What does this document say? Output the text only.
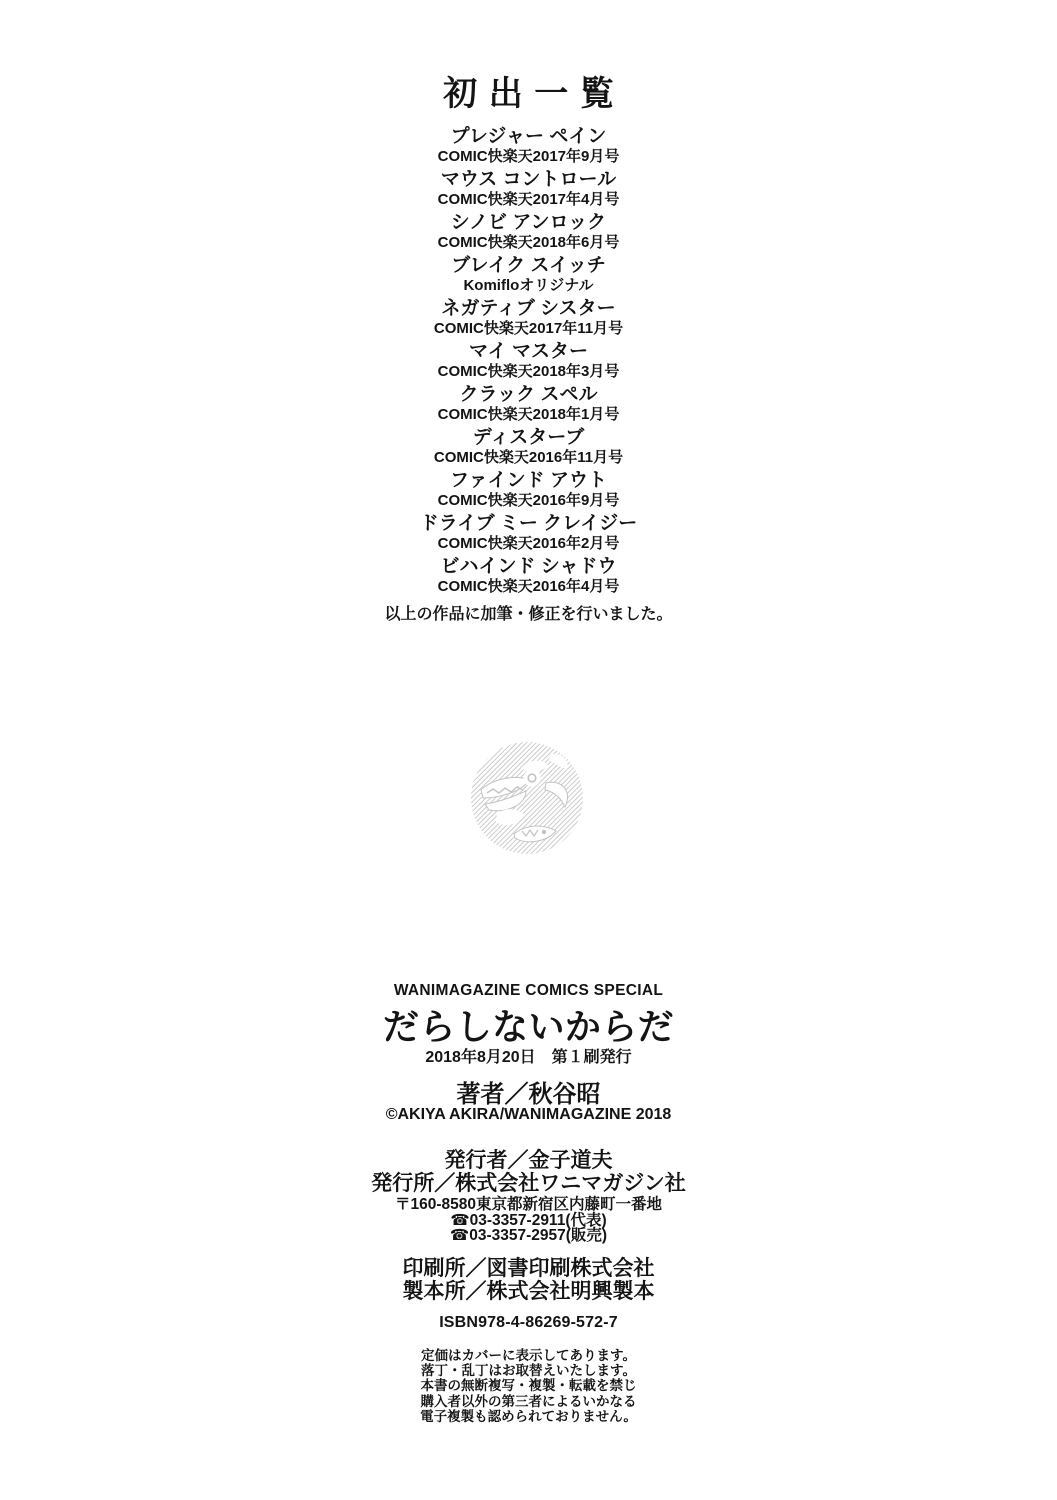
初出一覧
プレジャー ペイン
COMIC快楽天2017年9月号
マウス コントロール
COMIC快楽天2017年4月号
シノビ アンロック
COMIC快楽天2018年6月号
ブレイク スイッチ
Komifloオリジナル
ネガティブ シスター
COMIC快楽天2017年11月号
マイ マスター
COMIC快楽天2018年3月号
クラック スペル
COMIC快楽天2018年1月号
ディスターブ
COMIC快楽天2016年11月号
ファインド アウト
COMIC快楽天2016年9月号
ドライブ ミー クレイジー
COMIC快楽天2016年2月号
ビハインド シャドウ
COMIC快楽天2016年4月号
以上の作品に加筆・修正を行いました。
WANIMAGAZINE COMICS SPECIAL
だらしないからだ
2018年8月20日　第１刷発行
著者／秋谷昭
©AKIYA AKIRA/WANIMAGAZINE 2018
発行者／金子道夫
発行所／株式会社ワニマガジン社
〒160-8580東京都新宿区内藤町一番地
☎03-3357-2911(代表)
☎03-3357-2957(販売)
印刷所／図書印刷株式会社
製本所／株式会社明興製本
ISBN978-4-86269-572-7
定価はカバーに表示してあります。
落丁・乱丁はお取替えいたします。
本書の無断複写・複製・転載を禁じ
購入者以外の第三者によるいかなる
電子複製も認められておりません。
